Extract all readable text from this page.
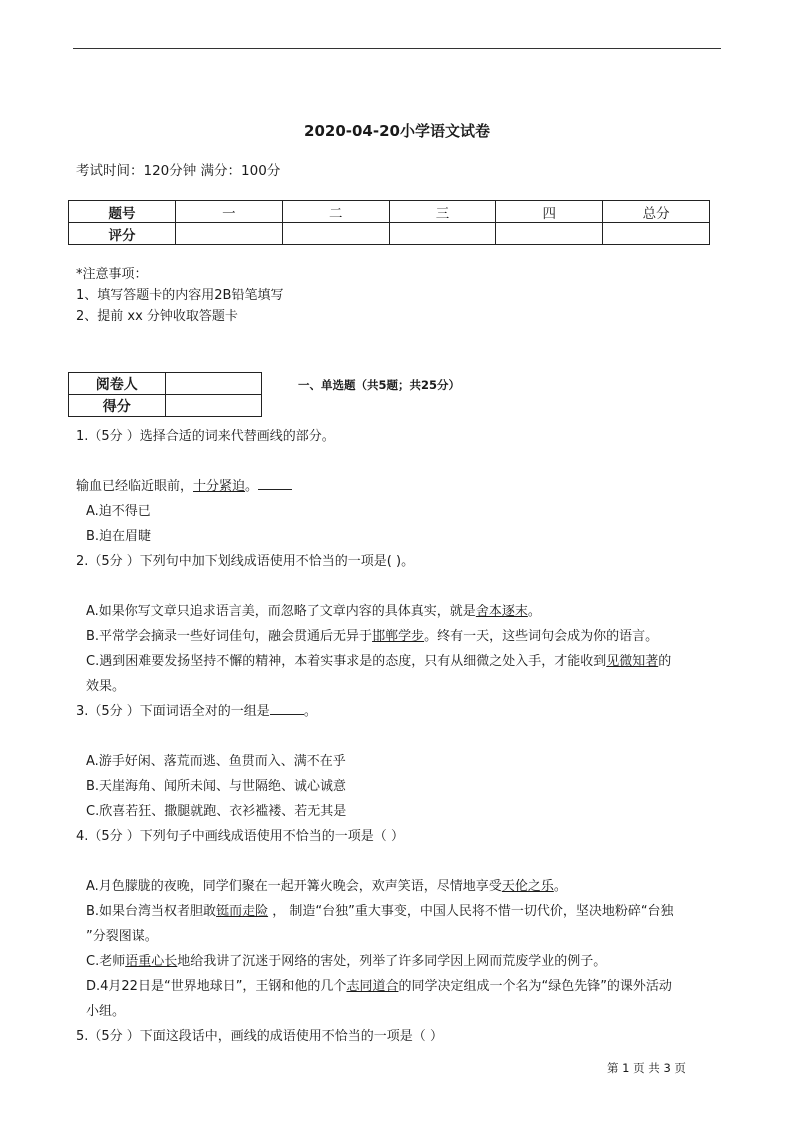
2020-04-20小学语文试卷
考试时间：120分钟 满分：100分
题号	一	二	三	四	总分
评分					
*注意事项：
1、填写答题卡的内容用2B铅笔填写
2、提前 xx 分钟收取答题卡
阅卷人	
得分	
一、单选题（共5题；共25分）
1.（5分 ）选择合适的词来代替画线的部分。
输血已经临近眼前，十分紧迫。
A.迫不得已
B.迫在眉睫
2.（5分 ）下列句中加下划线成语使用不恰当的一项是( )。
A.如果你写文章只追求语言美，而忽略了文章内容的具体真实，就是舍本逐末。
B.平常学会摘录一些好词佳句，融会贯通后无异于邯郸学步。终有一天，这些词句会成为你的语言。
C.遇到困难要发扬坚持不懈的精神，本着实事求是的态度，只有从细微之处入手，才能收到见微知著的
效果。
3.（5分 ）下面词语全对的一组是	。
A.游手好闲、落荒而逃、鱼贯而入、满不在乎
B.天崖海角、闻所未闻、与世隔绝、诚心诚意
C.欣喜若狂、撒腿就跑、衣衫褴褛、若无其是
4.（5分 ）下列句子中画线成语使用不恰当的一项是（ ）
A.月色朦胧的夜晚，同学们聚在一起开篝火晚会，欢声笑语，尽情地享受天伦之乐。
B.如果台湾当权者胆敢铤而走险 ， 制造“台独”重大事变，中国人民将不惜一切代价，坚决地粉碎“台独
”分裂图谋。
C.老师语重心长地给我讲了沉迷于网络的害处，列举了许多同学因上网而荒废学业的例子。
D.4月22日是“世界地球日”，王钢和他的几个志同道合的同学决定组成一个名为“绿色先锋”的课外活动
小组。
5.（5分 ）下面这段话中，画线的成语使用不恰当的一项是（ ）
第 1 页 共 3 页
